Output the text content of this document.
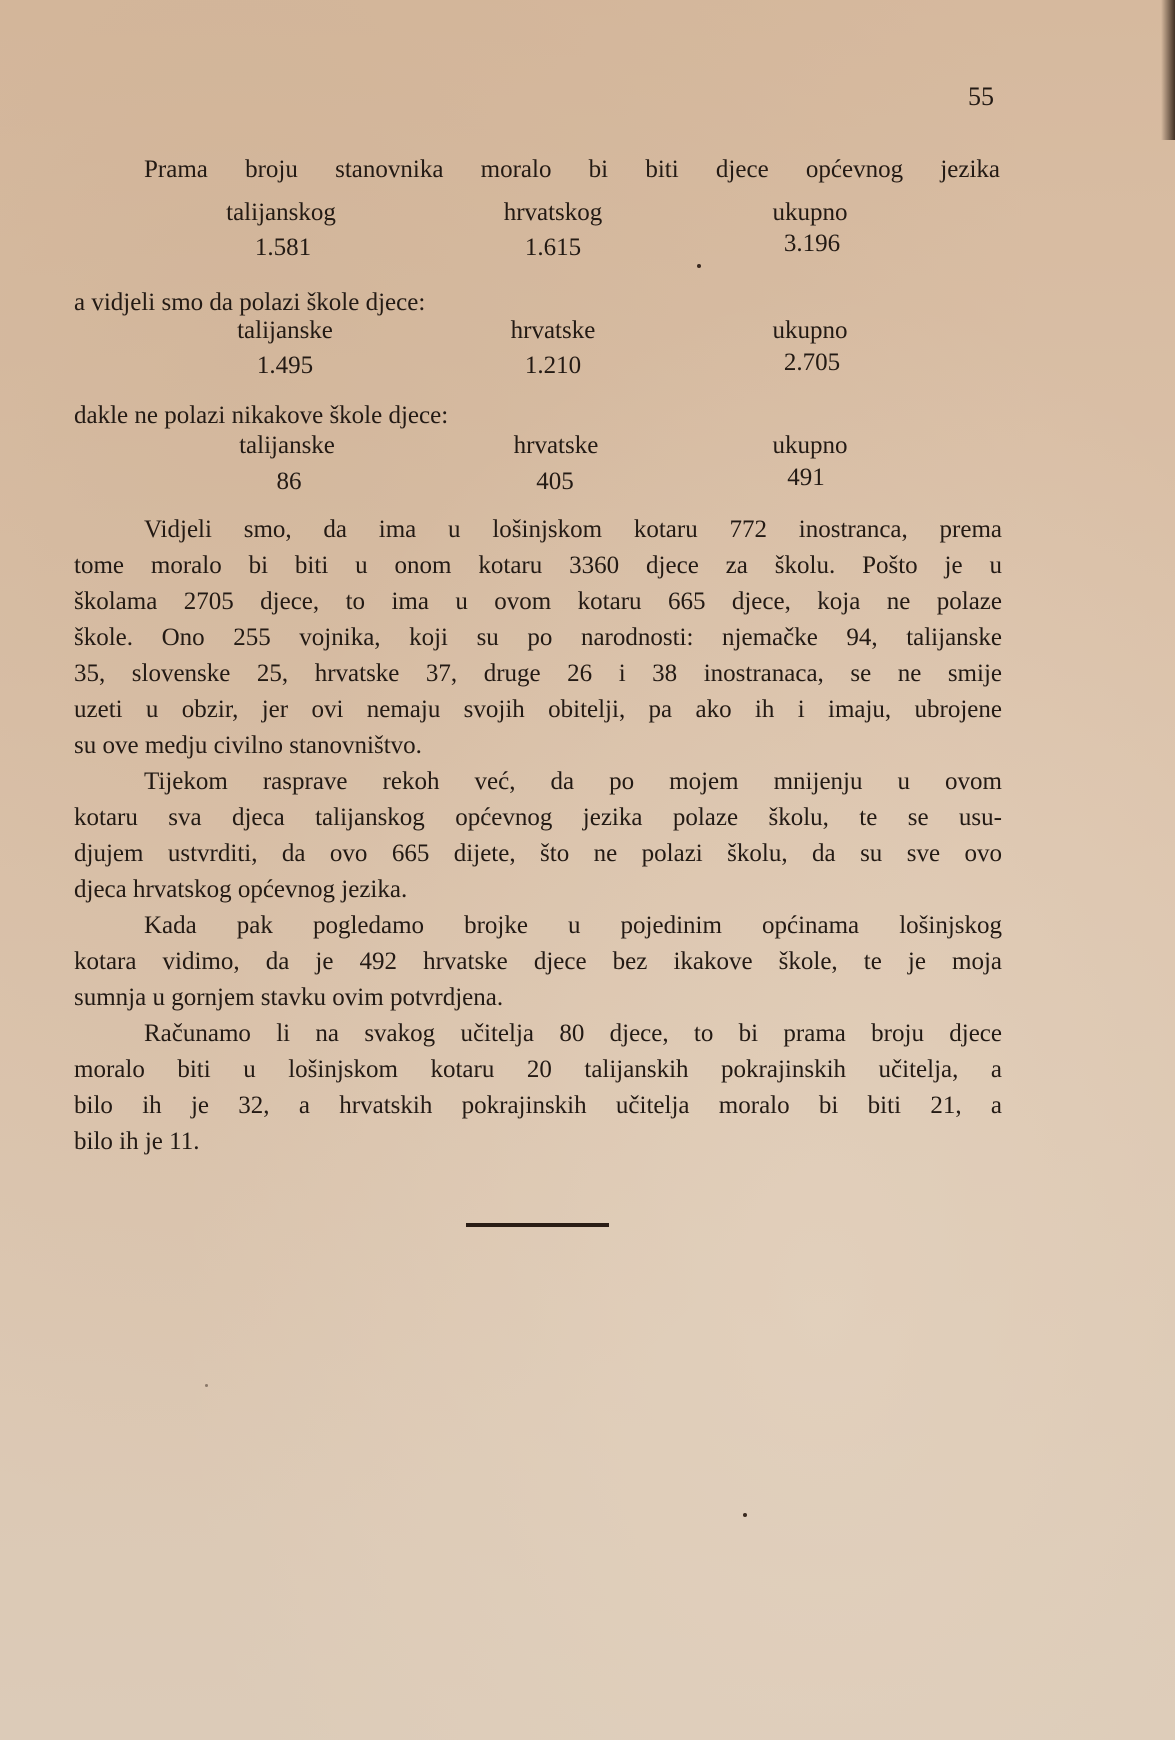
55
Prama broju stanovnika moralo bi biti djece općevnog jezika
talijanskog	hrvatskog	ukupno
1.581	1.615	3.196
a vidjeli smo da polazi škole djece:
talijanske	hrvatske	ukupno
1.495	1.210	2.705
dakle ne polazi nikakove škole djece:
talijanske	hrvatske	ukupno
86	405	491
Vidjeli smo, da ima u lošinjskom kotaru 772 inostranca, prema
tome moralo bi biti u onom kotaru 3360 djece za školu. Pošto je u
školama 2705 djece, to ima u ovom kotaru 665 djece, koja ne polaze
škole. Ono 255 vojnika, koji su po narodnosti: njemačke 94, talijanske
35, slovenske 25, hrvatske 37, druge 26 i 38 inostranaca, se ne smije
uzeti u obzir, jer ovi nemaju svojih obitelji, pa ako ih i imaju, ubrojene
su ove medju civilno stanovništvo.
Tijekom rasprave rekoh već, da po mojem mnijenju u ovom
kotaru sva djeca talijanskog općevnog jezika polaze školu, te se usu-
djujem ustvrditi, da ovo 665 dijete, što ne polazi školu, da su sve ovo
djeca hrvatskog općevnog jezika.
Kada pak pogledamo brojke u pojedinim općinama lošinjskog
kotara vidimo, da je 492 hrvatske djece bez ikakove škole, te je moja
sumnja u gornjem stavku ovim potvrdjena.
Računamo li na svakog učitelja 80 djece, to bi prama broju djece
moralo biti u lošinjskom kotaru 20 talijanskih pokrajinskih učitelja, a
bilo ih je 32, a hrvatskih pokrajinskih učitelja moralo bi biti 21, a
bilo ih je 11.
